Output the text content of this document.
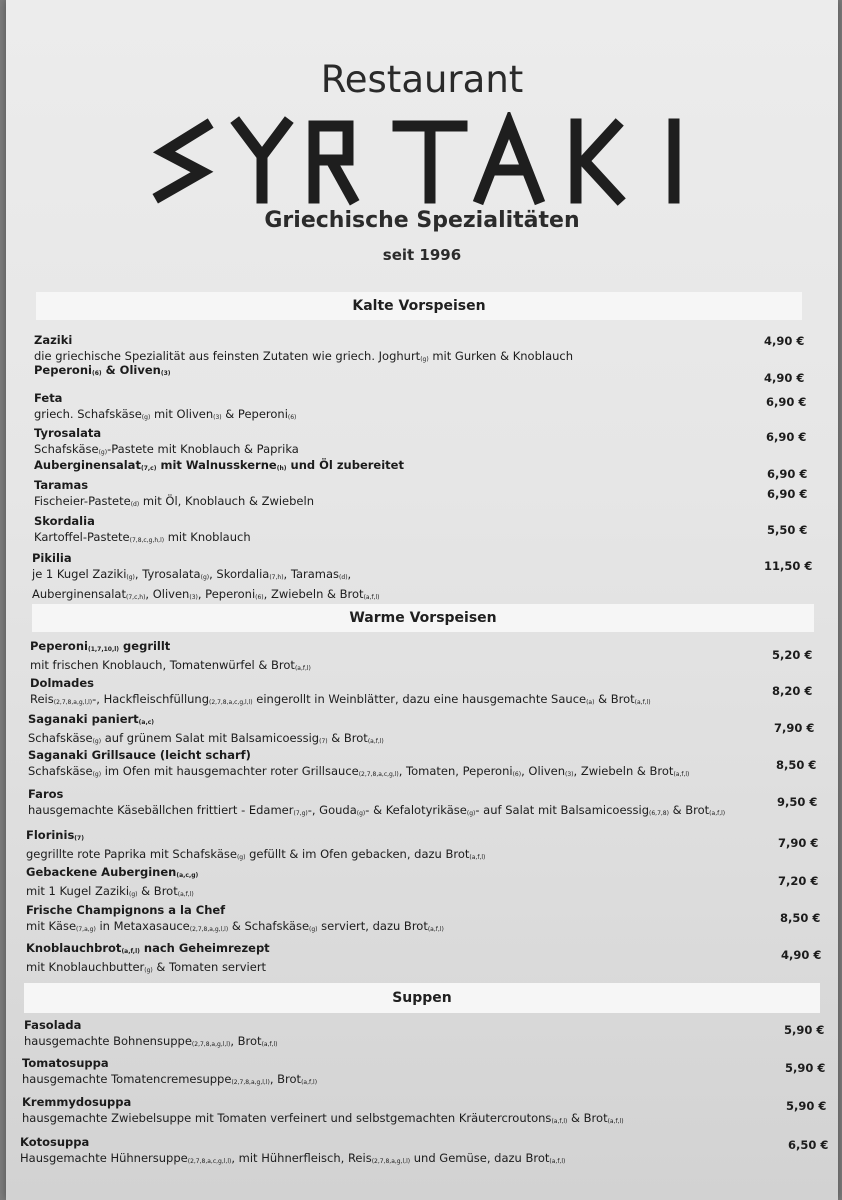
Restaurant
Griechische Spezialitäten
seit 1996
Kalte Vorspeisen
Zaziki
die griechische Spezialität aus feinsten Zutaten wie griech. Joghurt$_{(g)}$ mit Gurken & Knoblauch
4,90 €
Peperoni$_{(6)}$ & Oliven$_{(3)}$	4,90 €
Feta
griech. Schafskäse$_{(g)}$ mit Oliven$_{(3)}$ & Peperoni$_{(6)}$
6,90 €
Tyrosalata
Schafskäse$_{(g)}$-Pastete mit Knoblauch & Paprika
6,90 €
Auberginensalat$_{(7,c)}$ mit Walnusskerne$_{(h)}$ und Öl zubereitet
6,90 €
Taramas
Fischeier-Pastete$_{(d)}$ mit Öl, Knoblauch & Zwiebeln	6,90 €
Skordalia
Kartoffel-Pastete$_{(7,8,c,g,h,l)}$ mit Knoblauch	5,50 €
Pikilia
je 1 Kugel Zaziki$_{(g)}$, Tyrosalata$_{(g)}$, Skordalia$_{(7,h)}$, Taramas$_{(d)}$,
Auberginensalat$_{(7,c,h)}$, Oliven$_{(3)}$, Peperoni$_{(6)}$, Zwiebeln & Brot$_{(a,f,l)}$
11,50 €
Warme Vorspeisen
Peperoni$_{(1,7,10,l)}$ gegrillt
mit frischen Knoblauch, Tomatenwürfel & Brot$_{(a,f,l)}$
5,20 €
Dolmades
Reis$_{(2,7,8,a,g,l,l)}$-, Hackfleischfüllung$_{(2,7,8,a,c,g,l,l)}$ eingerollt in Weinblätter, dazu eine hausgemachte Sauce$_{(a)}$ & Brot$_{(a,f,l)}$
8,20 €
Saganaki paniert$_{(a,c)}$
Schafskäse$_{(g)}$ auf grünem Salat mit Balsamicoessig$_{(7)}$ & Brot$_{(a,f,l)}$
7,90 €
Saganaki Grillsauce (leicht scharf)
Schafskäse$_{(g)}$ im Ofen mit hausgemachter roter Grillsauce$_{(2,7,8,a,c,g,l)}$, Tomaten, Peperoni$_{(6)}$, Oliven$_{(3)}$, Zwiebeln & Brot$_{(a,f,l)}$
8,50 €
Faros
hausgemachte Käsebällchen frittiert - Edamer$_{(7,g)}$-, Gouda$_{(g)}$- & Kefalotyrikäse$_{(g)}$- auf Salat mit Balsamicoessig$_{(6,7,8)}$ & Brot$_{(a,f,l)}$
9,50 €
Florinis$_{(7)}$
gegrillte rote Paprika mit Schafskäse$_{(g)}$ gefüllt & im Ofen gebacken, dazu Brot$_{(a,f,l)}$
7,90 €
Gebackene Auberginen$_{(a,c,g)}$
mit 1 Kugel Zaziki$_{(g)}$ & Brot$_{(a,f,l)}$
7,20 €
Frische Champignons a la Chef
mit Käse$_{(7,a,g)}$ in Metaxasauce$_{(2,7,8,a,g,l,l)}$ & Schafskäse$_{(g)}$ serviert, dazu Brot$_{(a,f,l)}$
8,50 €
Knoblauchbrot$_{(a,f,l)}$ nach Geheimrezept
mit Knoblauchbutter$_{(g)}$ & Tomaten serviert
4,90 €
Suppen
Fasolada
hausgemachte Bohnensuppe$_{(2,7,8,a,g,l,l)}$, Brot$_{(a,f,l)}$
5,90 €
Tomatosuppa
hausgemachte Tomatencremesuppe$_{(2,7,8,a,g,l,l)}$, Brot$_{(a,f,l)}$
5,90 €
Kremmydosuppa
hausgemachte Zwiebelsuppe mit Tomaten verfeinert und selbstgemachten Kräutercroutons$_{(a,f,l)}$ & Brot$_{(a,f,l)}$
5,90 €
Kotosuppa
Hausgemachte Hühnersuppe$_{(2,7,8,a,c,g,l,l)}$, mit Hühnerfleisch, Reis$_{(2,7,8,a,g,l,l)}$ und Gemüse, dazu Brot$_{(a,f,l)}$
6,50 €
